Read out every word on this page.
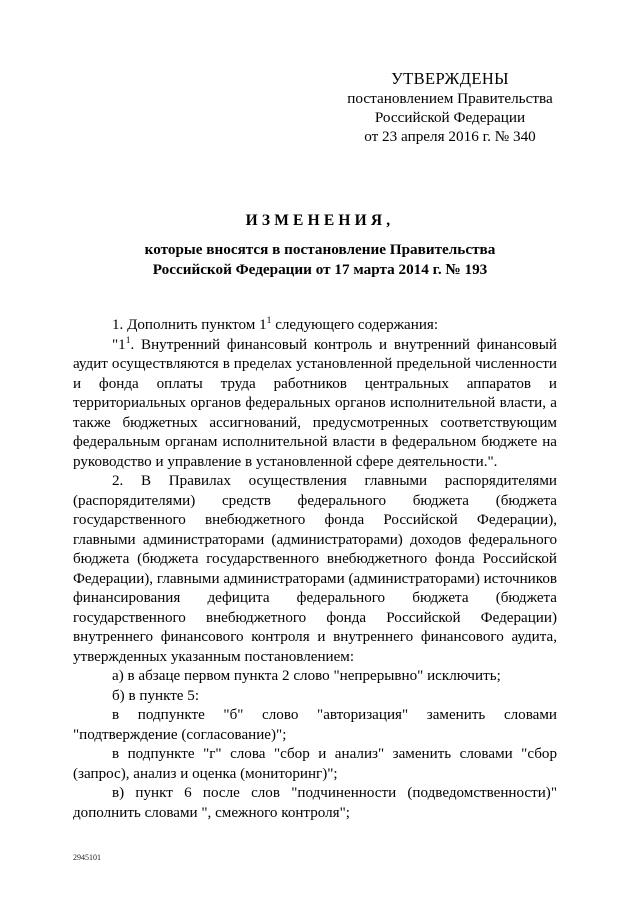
УТВЕРЖДЕНЫ
постановлением Правительства
Российской Федерации
от 23 апреля 2016 г. № 340
ИЗМЕНЕНИЯ,
которые вносятся в постановление Правительства
Российской Федерации от 17 марта 2014 г. № 193

1. Дополнить пунктом $1^1$ следующего содержания:

"$1^1$. Внутренний финансовый контроль и внутренний финансовый аудит осуществляются в пределах установленной предельной численности и фонда оплаты труда работников центральных аппаратов и территориальных органов федеральных органов исполнительной власти, а также бюджетных ассигнований, предусмотренных соответствующим федеральным органам исполнительной власти в федеральном бюджете на руководство и управление в установленной сфере деятельности.".

2. В Правилах осуществления главными распорядителями (распорядителями) средств федерального бюджета (бюджета государственного внебюджетного фонда Российской Федерации), главными администраторами (администраторами) доходов федерального бюджета (бюджета государственного внебюджетного фонда Российской Федерации), главными администраторами (администраторами) источников финансирования дефицита федерального бюджета (бюджета государственного внебюджетного фонда Российской Федерации) внутреннего финансового контроля и внутреннего финансового аудита, утвержденных указанным постановлением:

а) в абзаце первом пункта 2 слово "непрерывно" исключить;

б) в пункте 5:

в подпункте "б" слово "авторизация" заменить словами "подтверждение (согласование)";

в подпункте "г" слова "сбор и анализ" заменить словами "сбор (запрос), анализ и оценка (мониторинг)";

в) пункт 6 после слов "подчиненности (подведомственности)" дополнить словами ", смежного контроля";

2945101
